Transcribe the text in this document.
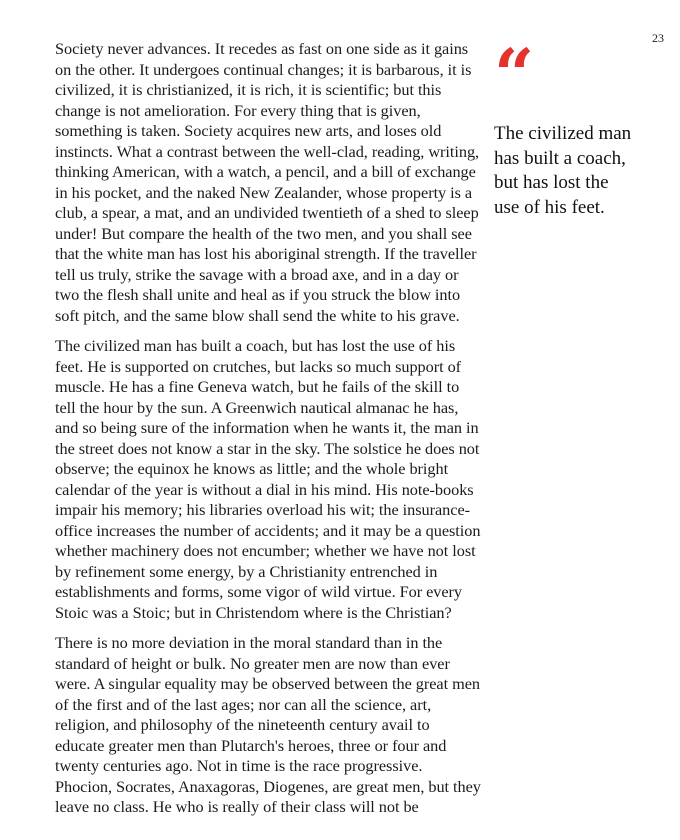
23

Society never advances. It recedes as fast on one side as it gains on the other. It undergoes continual changes; it is barbarous, it is civilized, it is christianized, it is rich, it is scientific; but this change is not amelioration. For every thing that is given, something is taken. Society acquires new arts, and loses old instincts. What a contrast between the well-clad, reading, writing, thinking American, with a watch, a pencil, and a bill of exchange in his pocket, and the naked New Zealander, whose property is a club, a spear, a mat, and an undivided twentieth of a shed to sleep under! But compare the health of the two men, and you shall see that the white man has lost his aboriginal strength. If the traveller tell us truly, strike the savage with a broad axe, and in a day or two the flesh shall unite and heal as if you struck the blow into soft pitch, and the same blow shall send the white to his grave.

The civilized man has built a coach, but has lost the use of his feet. He is supported on crutches, but lacks so much support of muscle. He has a fine Geneva watch, but he fails of the skill to tell the hour by the sun. A Greenwich nautical almanac he has, and so being sure of the information when he wants it, the man in the street does not know a star in the sky. The solstice he does not observe; the equinox he knows as little; and the whole bright calendar of the year is without a dial in his mind. His note-books impair his memory; his libraries overload his wit; the insurance-office increases the number of accidents; and it may be a question whether machinery does not encumber; whether we have not lost by refinement some energy, by a Christianity entrenched in establishments and forms, some vigor of wild virtue. For every Stoic was a Stoic; but in Christendom where is the Christian?

There is no more deviation in the moral standard than in the standard of height or bulk. No greater men are now than ever were. A singular equality may be observed between the great men of the first and of the last ages; nor can all the science, art, religion, and philosophy of the nineteenth century avail to educate greater men than Plutarch's heroes, three or four and twenty centuries ago. Not in time is the race progressive. Phocion, Socrates, Anaxagoras, Diogenes, are great men, but they leave no class. He who is really of their class will not be

“
The civilized man has built a coach, but has lost the use of his feet.
